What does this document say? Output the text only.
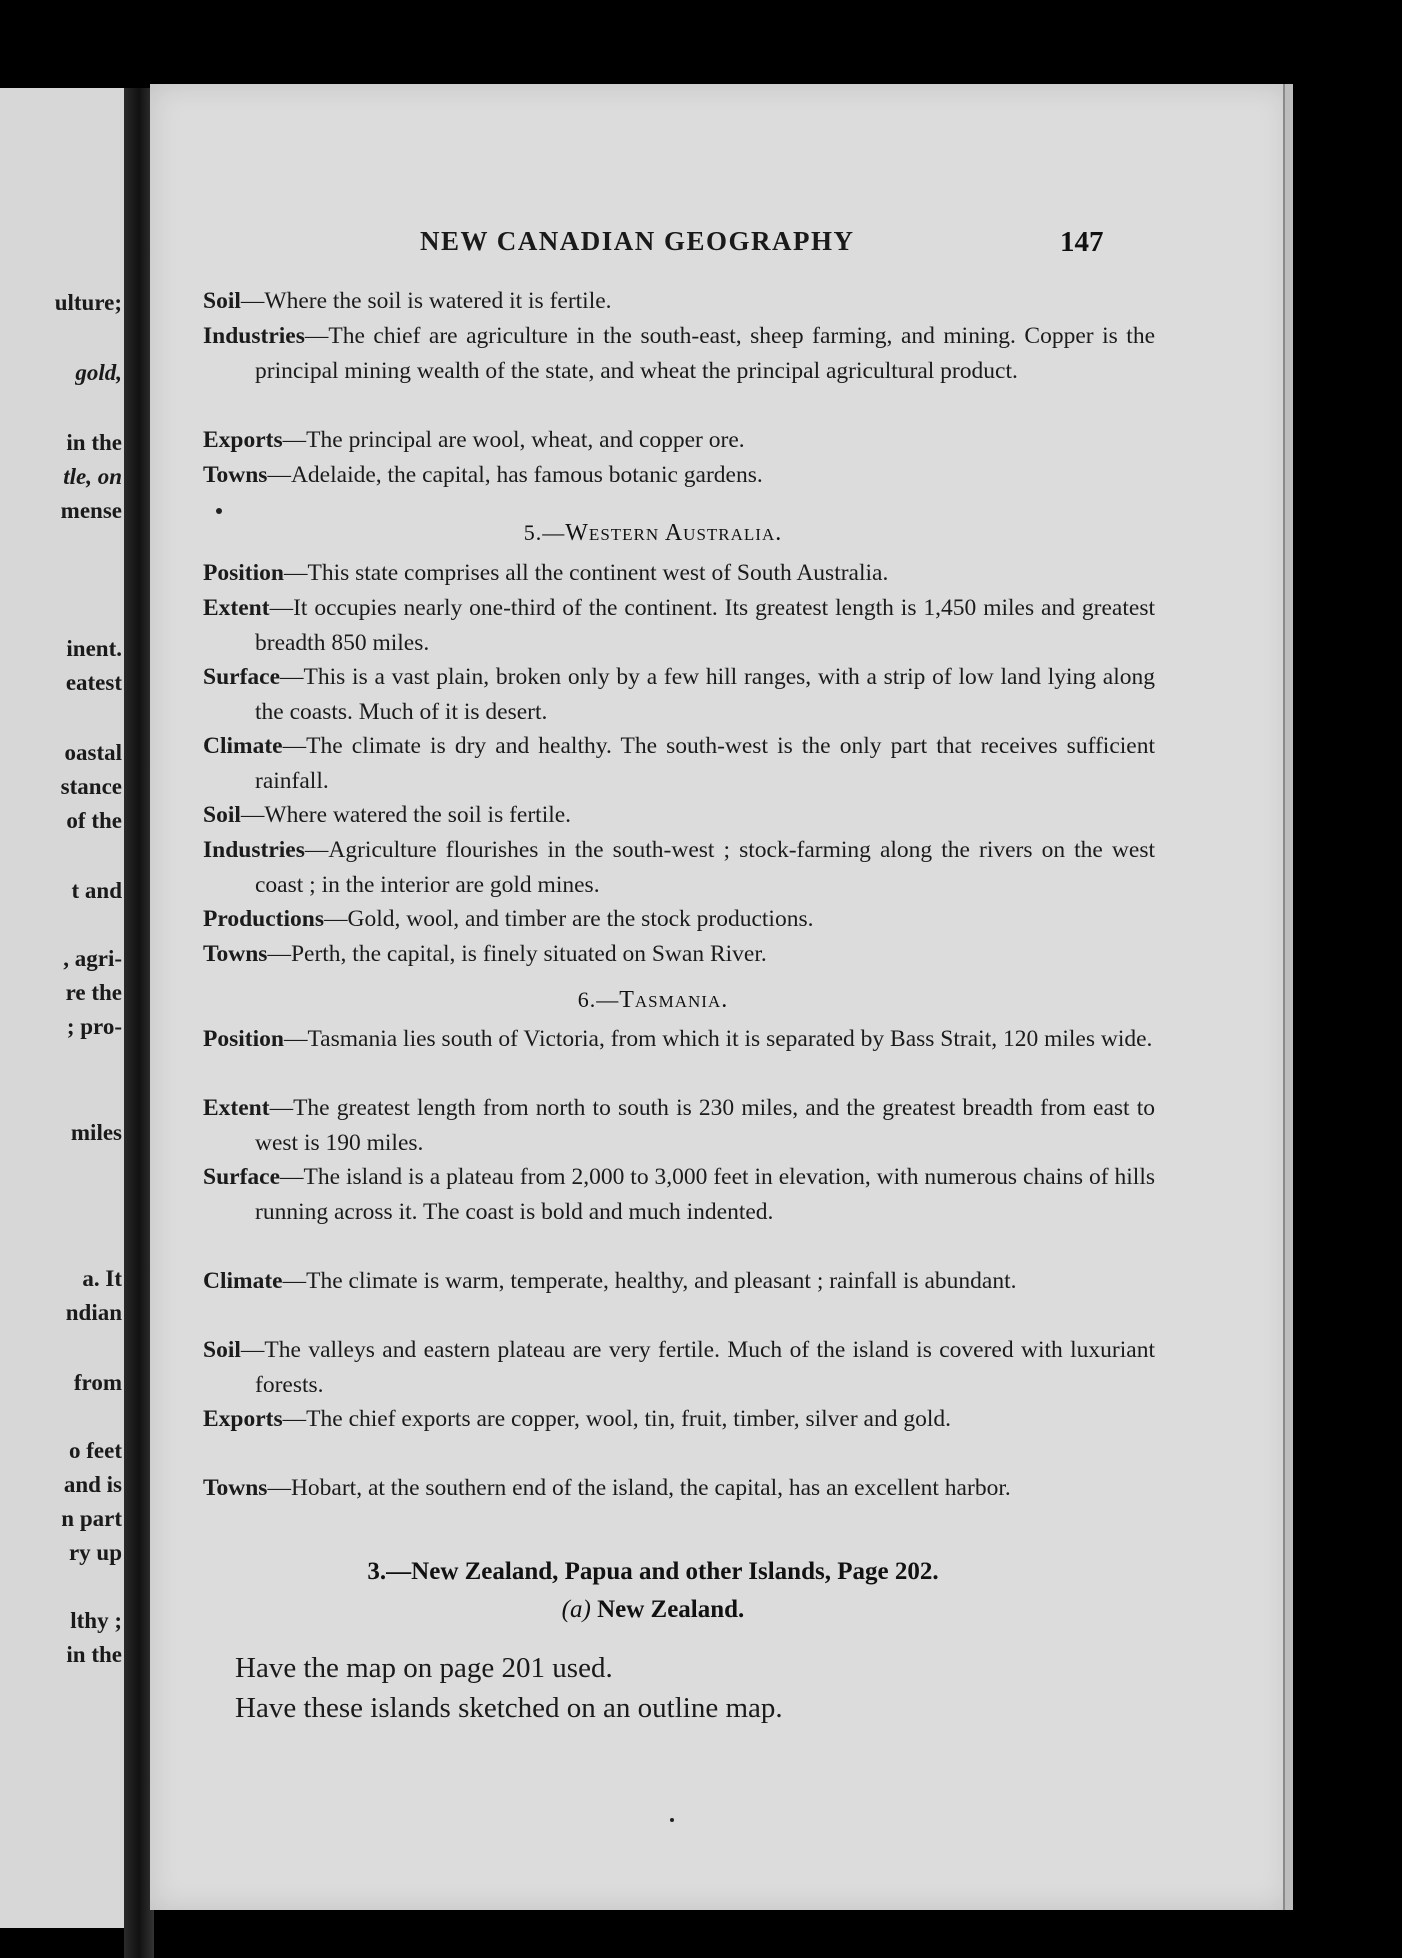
ulture;
gold,
in the
tle, on
mense
inent.
eatest
oastal
stance
of the
t and
, agri-
re the
; pro-
miles
a. It
ndian
from
o feet
and is
n part
ry up
lthy ;
in the
NEW CANADIAN GEOGRAPHY	147

Soil—Where the soil is watered it is fertile.

Industries—The chief are agriculture in the south-east, sheep farming, and mining. Copper is the principal mining wealth of the state, and wheat the principal agricultural product.

Exports—The principal are wool, wheat, and copper ore.

Towns—Adelaide, the capital, has famous botanic gardens.

5.—Western Australia.

Position—This state comprises all the continent west of South Australia.

Extent—It occupies nearly one-third of the continent. Its greatest length is 1,450 miles and greatest breadth 850 miles.

Surface—This is a vast plain, broken only by a few hill ranges, with a strip of low land lying along the coasts. Much of it is desert.

Climate—The climate is dry and healthy. The south-west is the only part that receives sufficient rainfall.

Soil—Where watered the soil is fertile.

Industries—Agriculture flourishes in the south-west ; stock-farming along the rivers on the west coast ; in the interior are gold mines.

Productions—Gold, wool, and timber are the stock productions.

Towns—Perth, the capital, is finely situated on Swan River.

6.—Tasmania.

Position—Tasmania lies south of Victoria, from which it is separated by Bass Strait, 120 miles wide.

Extent—The greatest length from north to south is 230 miles, and the greatest breadth from east to west is 190 miles.

Surface—The island is a plateau from 2,000 to 3,000 feet in elevation, with numerous chains of hills running across it. The coast is bold and much indented.

Climate—The climate is warm, temperate, healthy, and pleasant ; rainfall is abundant.

Soil—The valleys and eastern plateau are very fertile. Much of the island is covered with luxuriant forests.

Exports—The chief exports are copper, wool, tin, fruit, timber, silver and gold.

Towns—Hobart, at the southern end of the island, the capital, has an excellent harbor.

3.—New Zealand, Papua and other Islands, Page 202.
(a) New Zealand.
Have the map on page 201 used.
Have these islands sketched on an outline map.
